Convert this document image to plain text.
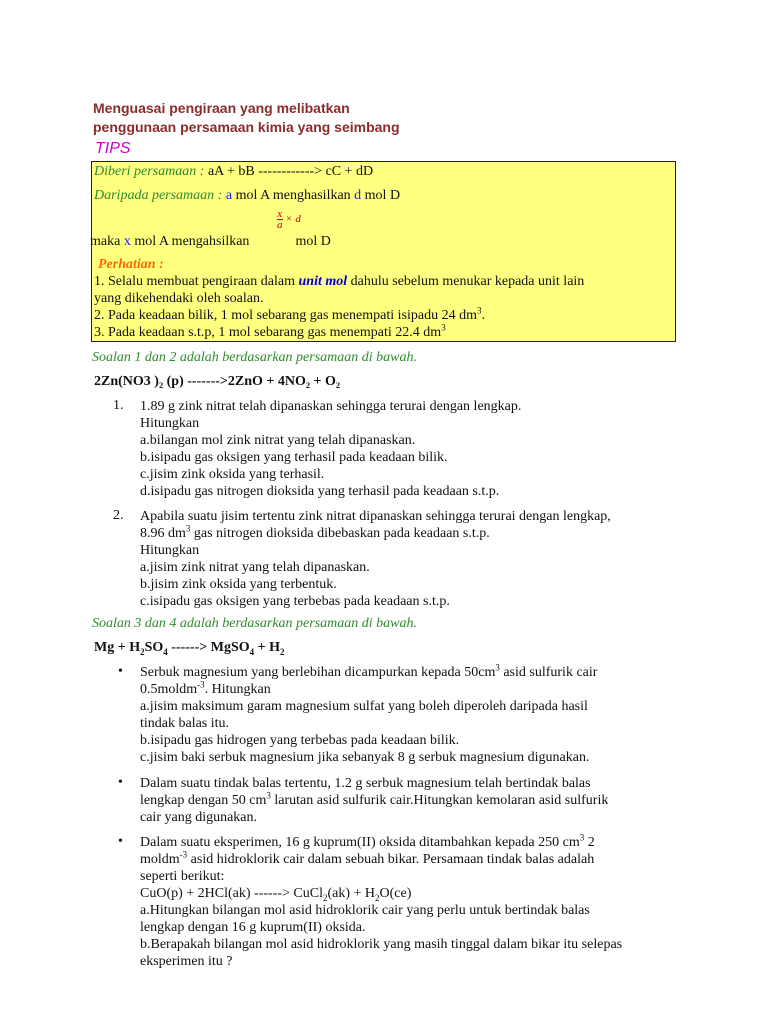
Menguasai pengiraan yang melibatkan
penggunaan persamaan kimia yang seimbang
TIPS
Diberi persamaan : aA + bB ------------> cC + dD
Daripada persamaan : a mol A menghasilkan d mol D
$\frac{x}{a} \times d$
maka x mol A mengahsilkan	mol D
Perhatian :
1. Selalu membuat pengiraan dalam unit mol dahulu sebelum menukar kepada unit lain
yang dikehendaki oleh soalan.
2. Pada keadaan bilik, 1 mol sebarang gas menempati isipadu 24 $dm^3$.
3. Pada keadaan s.t.p, 1 mol sebarang gas menempati 22.4 $dm^3$
Soalan 1 dan 2 adalah berdasarkan persamaan di bawah.
2Zn(NO3 )₂ (p) ------->2ZnO + 4NO₂ + O₂
1. 1.89 g zink nitrat telah dipanaskan sehingga terurai dengan lengkap.
Hitungkan
a.bilangan mol zink nitrat yang telah dipanaskan.
b.isipadu gas oksigen yang terhasil pada keadaan bilik.
c.jisim zink oksida yang terhasil.
d.isipadu gas nitrogen dioksida yang terhasil pada keadaan s.t.p.
2. Apabila suatu jisim tertentu zink nitrat dipanaskan sehingga terurai dengan lengkap,
8.96 $dm^3$ gas nitrogen dioksida dibebaskan pada keadaan s.t.p.
Hitungkan
a.jisim zink nitrat yang telah dipanaskan.
b.jisim zink oksida yang terbentuk.
c.isipadu gas oksigen yang terbebas pada keadaan s.t.p.
Soalan 3 dan 4 adalah berdasarkan persamaan di bawah.
$Mg + H_2SO_4$ ------> MgSO$_4$ + $H_2$
• Serbuk magnesium yang berlebihan dicampurkan kepada $50cm^3$ asid sulfurik cair
0.5moldm$^{-3}$. Hitungkan
a.jisim maksimum garam magnesium sulfat yang boleh diperoleh daripada hasil
tindak balas itu.
b.isipadu gas hidrogen yang terbebas pada keadaan bilik.
c.jisim baki serbuk magnesium jika sebanyak 8 g serbuk magnesium digunakan.
• Dalam suatu tindak balas tertentu, 1.2 g serbuk magnesium telah bertindak balas
lengkap dengan 50 $cm^3$ larutan asid sulfurik cair.Hitungkan kemolaran asid sulfurik
cair yang digunakan.
• Dalam suatu eksperimen, 16 g kuprum(II) oksida ditambahkan kepada 250 $cm^3$ 2
moldm$^{-3}$ asid hidroklorik cair dalam sebuah bikar. Persamaan tindak balas adalah
seperti berikut:
CuO(p) + 2HCl(ak) ------> CuCl$_2$(ak) + $H_2O(ce)$
a.Hitungkan bilangan mol asid hidroklorik cair yang perlu untuk bertindak balas
lengkap dengan 16 g kuprum(II) oksida.
b.Berapakah bilangan mol asid hidroklorik yang masih tinggal dalam bikar itu selepas
eksperimen itu ?
